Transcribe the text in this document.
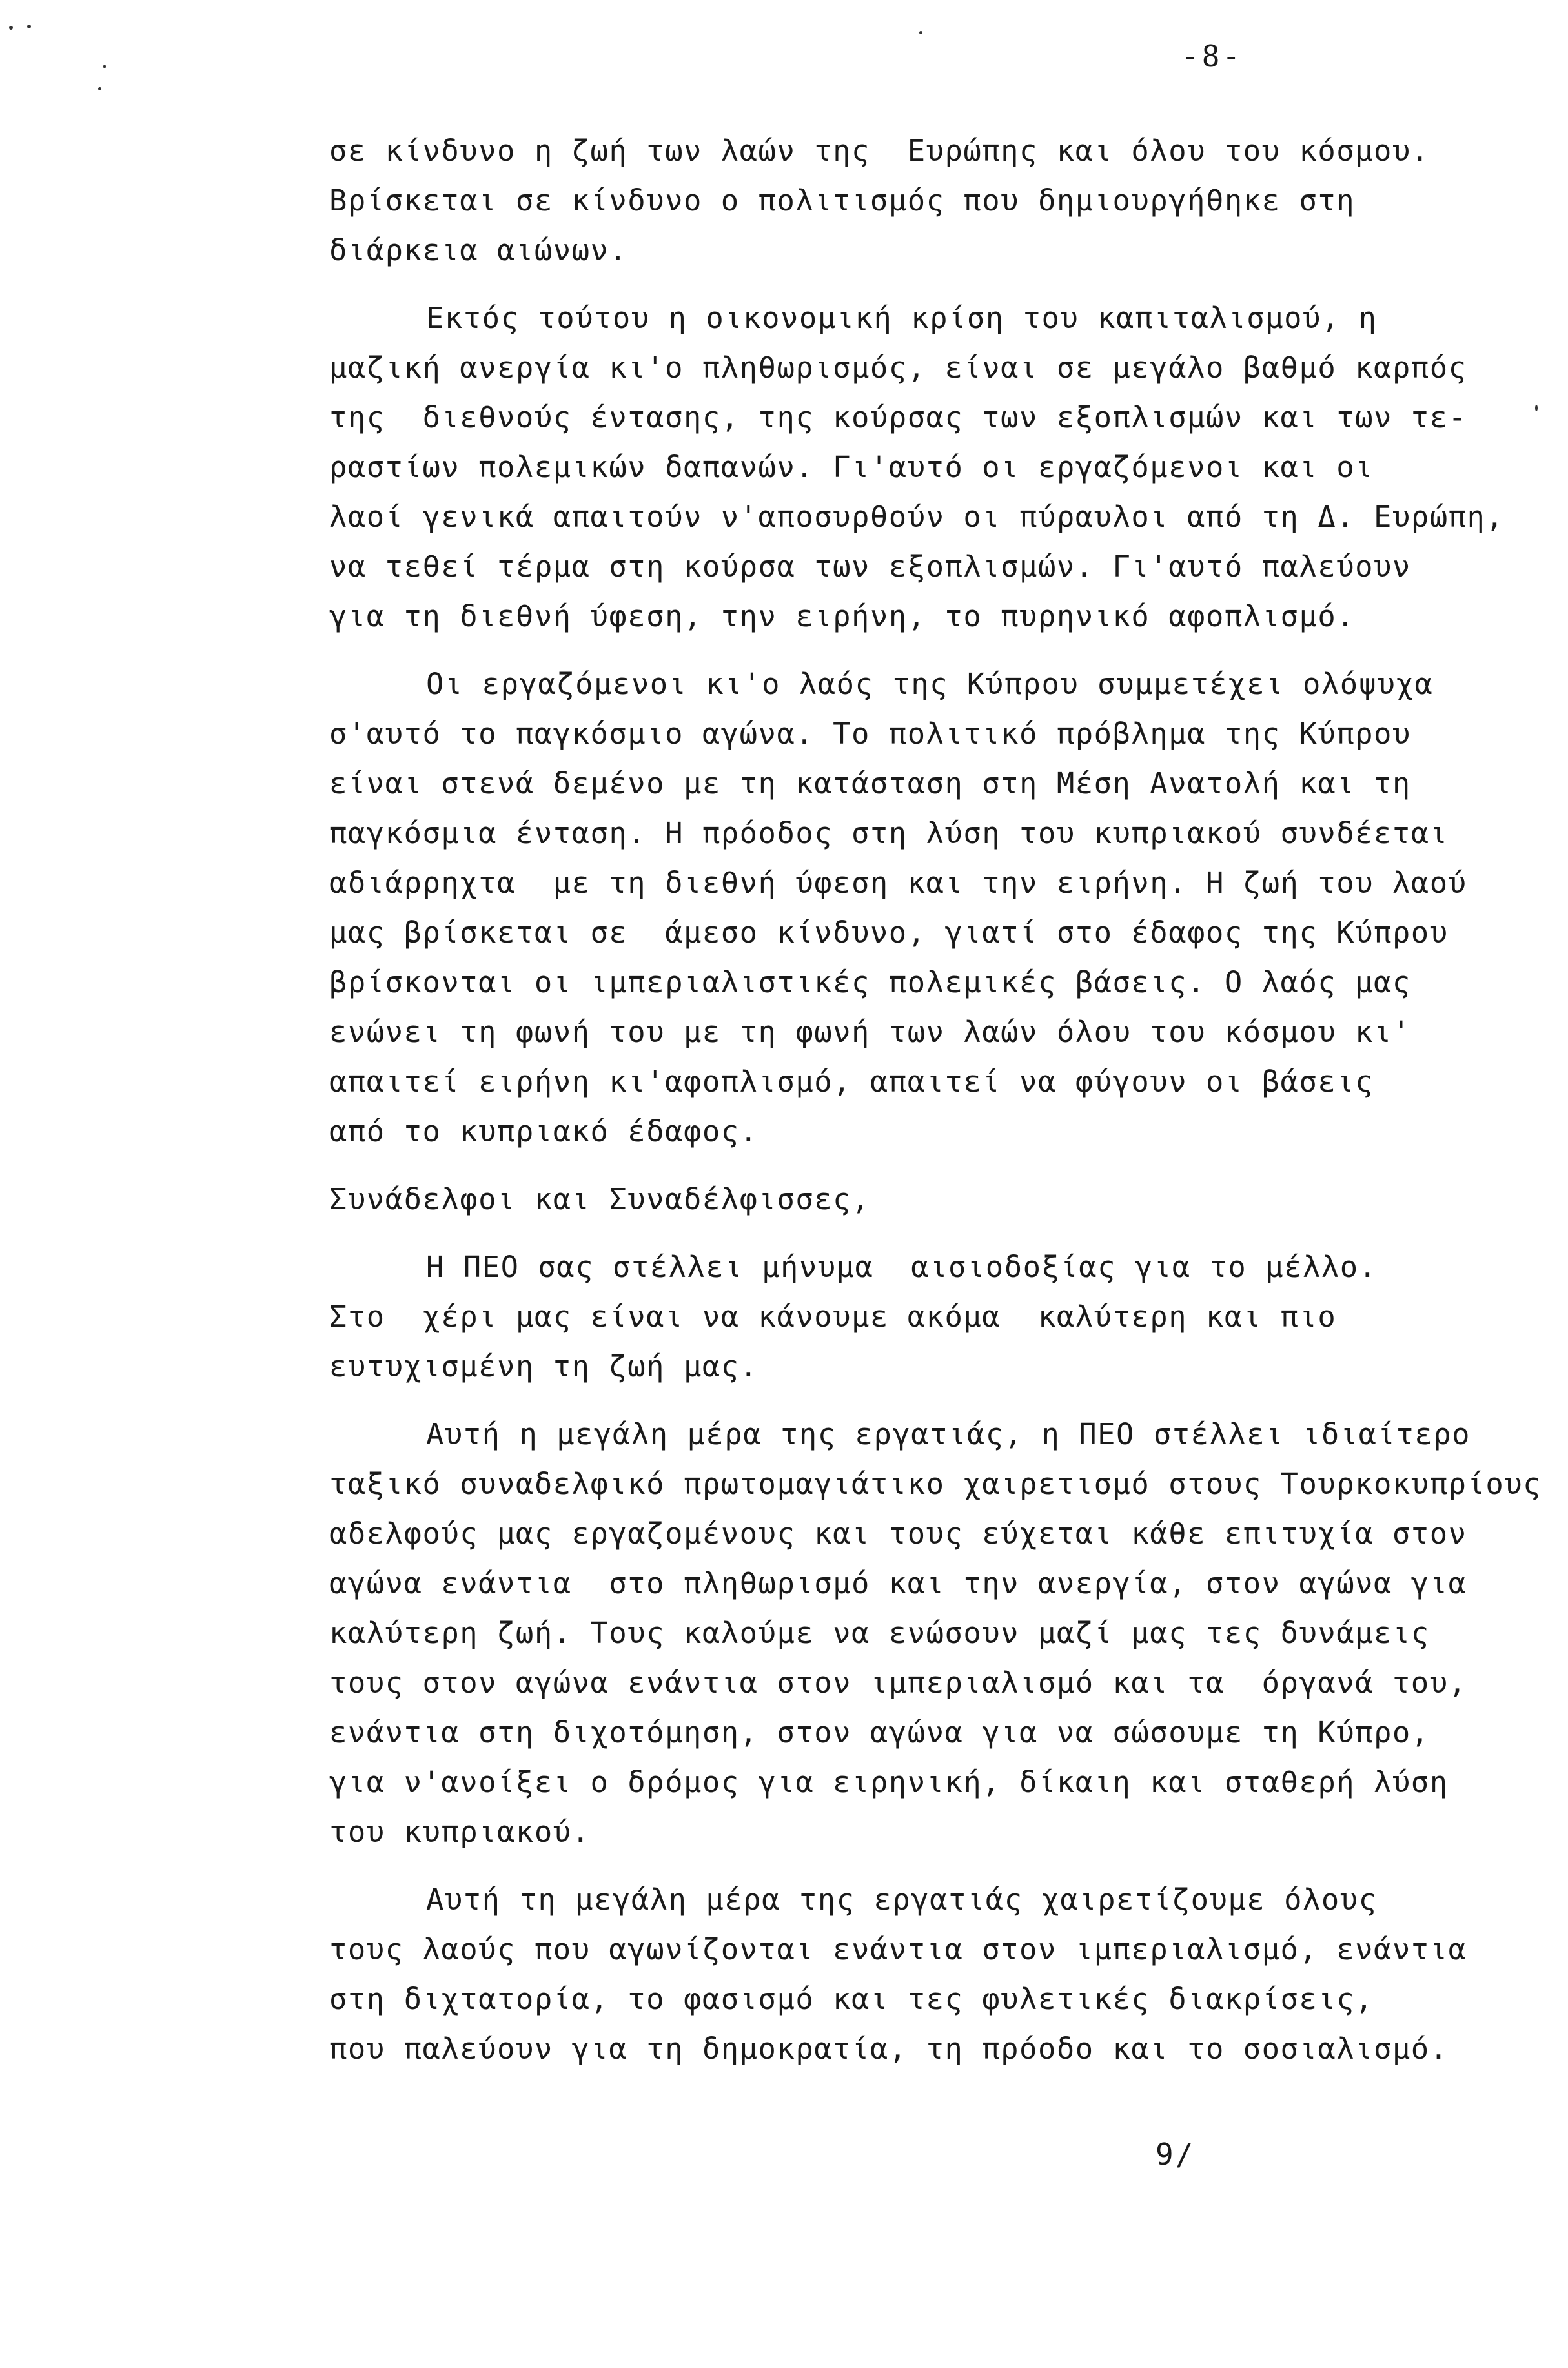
-8-
σε κίνδυνο η ζωή των λαών της  Ευρώπης και όλου του κόσμου.
Βρίσκεται σε κίνδυνο ο πολιτισμός που δημιουργήθηκε στη
διάρκεια αιώνων.
Εκτός τούτου η οικονομική κρίση του καπιταλισμού, η
μαζική ανεργία κι'ο πληθωρισμός, είναι σε μεγάλο βαθμό καρπός
της  διεθνούς έντασης, της κούρσας των εξοπλισμών και των τε-
ραστίων πολεμικών δαπανών. Γι'αυτό οι εργαζόμενοι και οι
λαοί γενικά απαιτούν ν'αποσυρθούν οι πύραυλοι από τη Δ. Ευρώπη,
να τεθεί τέρμα στη κούρσα των εξοπλισμών. Γι'αυτό παλεύουν
για τη διεθνή ύφεση, την ειρήνη, το πυρηνικό αφοπλισμό.
Οι εργαζόμενοι κι'ο λαός της Κύπρου συμμετέχει ολόψυχα
σ'αυτό το παγκόσμιο αγώνα. Το πολιτικό πρόβλημα της Κύπρου
είναι στενά δεμένο με τη κατάσταση στη Μέση Ανατολή και τη
παγκόσμια ένταση. Η πρόοδος στη λύση του κυπριακού συνδέεται
αδιάρρηχτα  με τη διεθνή ύφεση και την ειρήνη. Η ζωή του λαού
μας βρίσκεται σε  άμεσο κίνδυνο, γιατί στο έδαφος της Κύπρου
βρίσκονται οι ιμπεριαλιστικές πολεμικές βάσεις. Ο λαός μας
ενώνει τη φωνή του με τη φωνή των λαών όλου του κόσμου κι'
απαιτεί ειρήνη κι'αφοπλισμό, απαιτεί να φύγουν οι βάσεις
από το κυπριακό έδαφος.
Συνάδελφοι και Συναδέλφισσες,
Η ΠΕΟ σας στέλλει μήνυμα  αισιοδοξίας για το μέλλο.
Στο  χέρι μας είναι να κάνουμε ακόμα  καλύτερη και πιο
ευτυχισμένη τη ζωή μας.
Αυτή η μεγάλη μέρα της εργατιάς, η ΠΕΟ στέλλει ιδιαίτερο
ταξικό συναδελφικό πρωτομαγιάτικο χαιρετισμό στους Τουρκοκυπρίους
αδελφούς μας εργαζομένους και τους εύχεται κάθε επιτυχία στον
αγώνα ενάντια  στο πληθωρισμό και την ανεργία, στον αγώνα για
καλύτερη ζωή. Τους καλούμε να ενώσουν μαζί μας τες δυνάμεις
τους στον αγώνα ενάντια στον ιμπεριαλισμό και τα  όργανά του,
ενάντια στη διχοτόμηση, στον αγώνα για να σώσουμε τη Κύπρο,
για ν'ανοίξει ο δρόμος για ειρηνική, δίκαιη και σταθερή λύση
του κυπριακού.
Αυτή τη μεγάλη μέρα της εργατιάς χαιρετίζουμε όλους
τους λαούς που αγωνίζονται ενάντια στον ιμπεριαλισμό, ενάντια
στη διχτατορία, το φασισμό και τες φυλετικές διακρίσεις,
που παλεύουν για τη δημοκρατία, τη πρόοδο και το σοσιαλισμό.
9/
